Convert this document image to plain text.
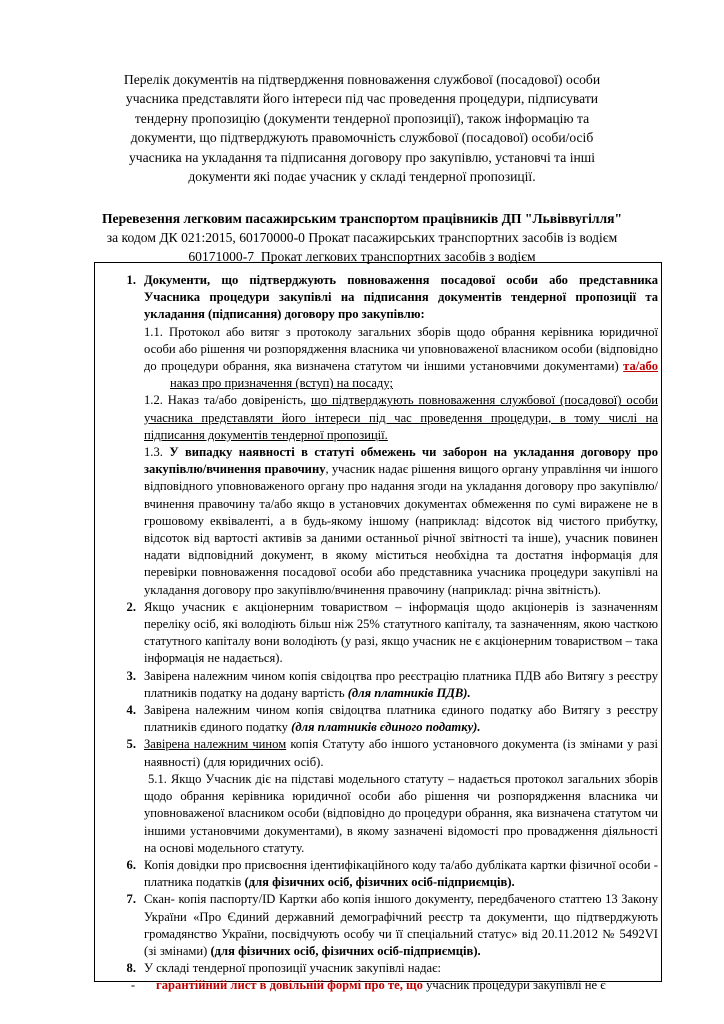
Перелік документів на підтвердження повноваження службової (посадової) особи учасника представляти його інтереси під час проведення процедури, підписувати тендерну пропозицію (документи тендерної пропозиції), також інформацію та документи, що підтверджують правомочність службової (посадової) особи/осіб учасника на укладання та підписання договору про закупівлю, установчі та інші документи які подає учасник у складі тендерної пропозиції.
Перевезення легковим пасажирським транспортом працівників ДП "Львіввугілля"
за кодом ДК 021:2015, 60170000-0 Прокат пасажирських транспортних засобів із водієм
60171000-7_Прокат легкових транспортних засобів з водієм
1. Документи, що підтверджують повноваження посадової особи або представника Учасника процедури закупівлі на підписання документів тендерної пропозиції та укладання (підписання) договору про закупівлю:
1.1. Протокол або витяг з протоколу загальних зборів щодо обрання керівника юридичної особи або рішення чи розпорядження власника чи уповноваженої власником особи (відповідно до процедури обрання, яка визначена статутом чи іншими установчими документами) та/або наказ про призначення (вступ) на посаду;
1.2. Наказ та/або довіреність, що підтверджують повноваження службової (посадової) особи учасника представляти його інтереси під час проведення процедури, в тому числі на підписання документів тендерної пропозиції.
1.3. У випадку наявності в статуті обмежень чи заборон на укладання договору про закупівлю/вчинення правочину, учасник надає рішення вищого органу управління чи іншого відповідного уповноваженого органу про надання згоди на укладання договору про закупівлю/вчинення правочину та/або якщо в установчих документах обмеження по сумі виражене не в грошовому еквіваленті, а в будь-якому іншому (наприклад: відсоток від чистого прибутку, відсоток від вартості активів за даними останньої річної звітності та інше), учасник повинен надати відповідний документ, в якому міститься необхідна та достатня інформація для перевірки повноваження посадової особи або представника учасника процедури закупівлі на укладання договору про закупівлю/вчинення правочину (наприклад: річна звітність).
2. Якщо учасник є акціонерним товариством – інформація щодо акціонерів із зазначенням переліку осіб, які володіють більш ніж 25% статутного капіталу, та зазначенням, якою часткою статутного капіталу вони володіють (у разі, якщо учасник не є акціонерним товариством – така інформація не надається).
3. Завірена належним чином копія свідоцтва про реєстрацію платника ПДВ або Витягу з реєстру платників податку на додану вартість (для платників ПДВ).
4. Завірена належним чином копія свідоцтва платника єдиного податку або Витягу з реєстру платників єдиного податку (для платників єдиного податку).
5. Завірена належним чином копія Статуту або іншого установчого документа (із змінами у разі наявності) (для юридичних осіб).

5.1. Якщо Учасник діє на підставі модельного статуту – надається протокол загальних зборів щодо обрання керівника юридичної особи або рішення чи розпорядження власника чи уповноваженої власником особи (відповідно до процедури обрання, яка визначена статутом чи іншими установчими документами), в якому зазначені відомості про провадження діяльності на основі модельного статуту.
6. Копія довідки про присвоєння ідентифікаційного коду та/або дубліката картки фізичної особи - платника податків (для фізичних осіб, фізичних осіб-підприємців).
7. Скан- копія паспорту/ID Картки або копія іншого документу, передбаченого статтею 13 Закону України «Про Єдиний державний демографічний реєстр та документи, що підтверджують громадянство України, посвідчують особу чи її спеціальний статус» від 20.11.2012 № 5492VI (зі змінами) (для фізичних осіб, фізичних осіб-підприємців).
8. У складі тендерної пропозиції учасник закупівлі надає:
-	гарантійний лист в довільній формі про те, що учасник процедури закупівлі не є
